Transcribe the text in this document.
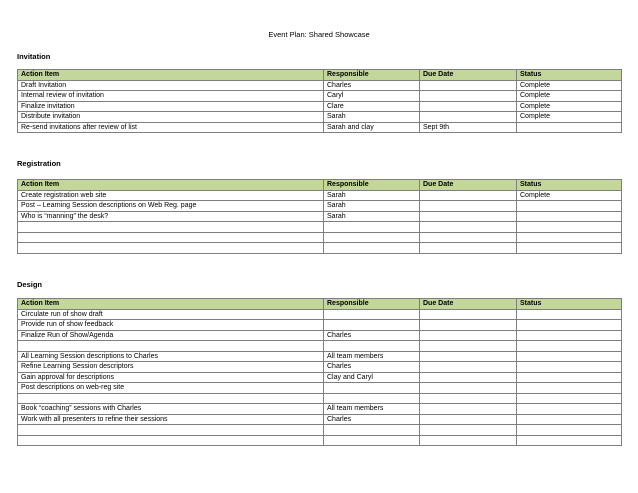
Event Plan: Shared Showcase
Invitation
Action Item	Responsible	Due Date	Status
Draft Invitation	Charles		Complete
Internal review of invitation	Caryl		Complete
Finalize invitation	Clare		Complete
Distribute invitation	Sarah		Complete
Re-send invitations after review of list	Sarah and clay	Sept 9th	
Registration
Action Item	Responsible	Due Date	Status
Create registration web site	Sarah		Complete
Post – Learning Session descriptions on Web Reg. page	Sarah		
Who is “manning” the desk?	Sarah		

Design
Action Item	Responsible	Due Date	Status
Circulate run of show draft			
Provide run of show feedback			
Finalize Run of Show/Agenda	Charles		

All Learning Session descriptions to Charles	All team members		
Refine Learning Session descriptors	Charles		
Gain approval for descriptions	Clay and Caryl		
Post descriptions on web-reg site			

Book “coaching” sessions with Charles	All team members		
Work with all presenters to refine their sessions	Charles		
